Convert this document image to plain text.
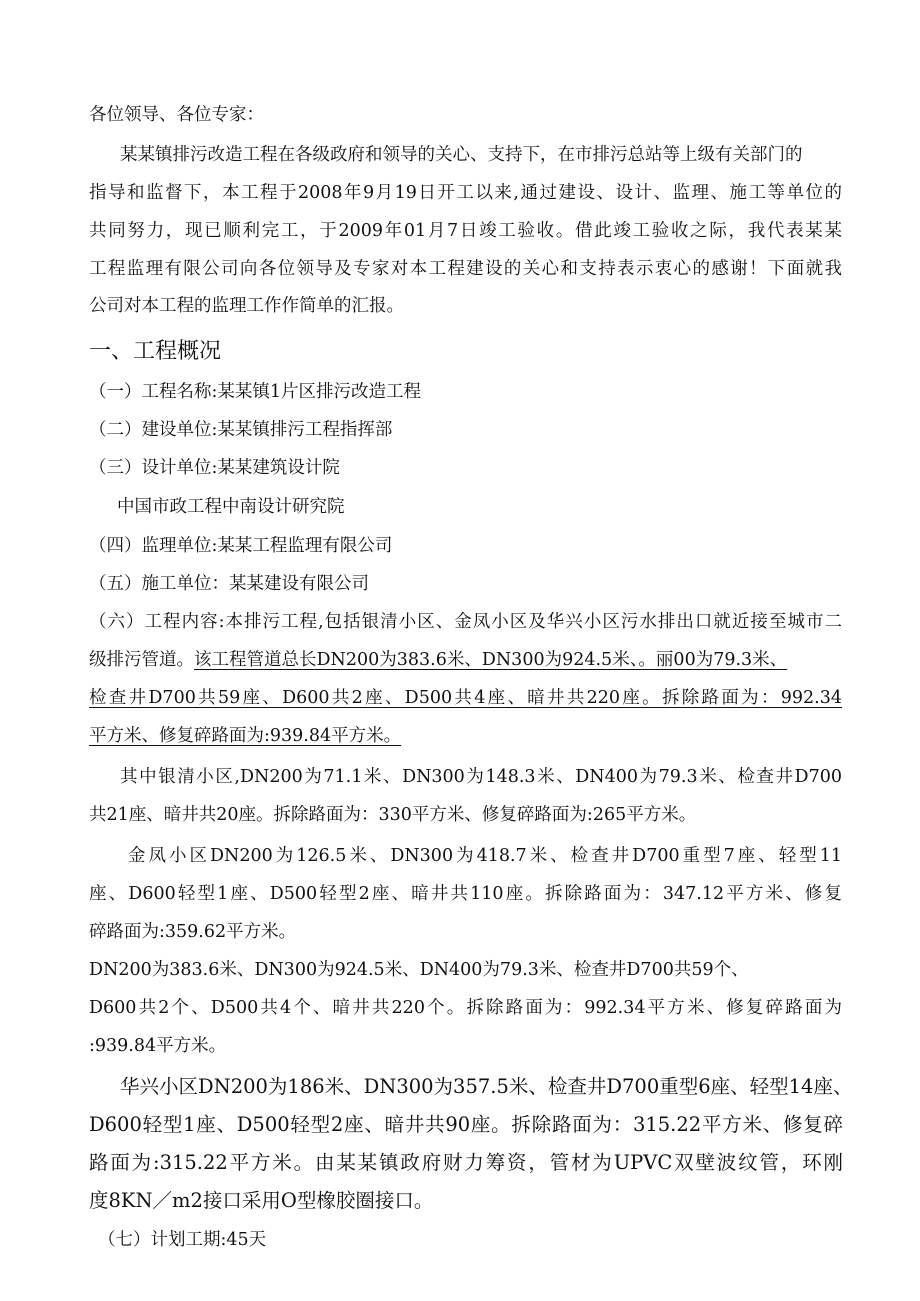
各位领导、各位专家：
某某镇排污改造工程在各级政府和领导的关心、支持下，在市排污总站等上级有关部门的
指导和监督下，本工程于2008年9月19日开工以来,通过建设、设计、监理、施工等单位的
共同努力，现已顺利完工，于2009年01月7日竣工验收。借此竣工验收之际，我代表某某
工程监理有限公司向各位领导及专家对本工程建设的关心和支持表示衷心的感谢！下面就我
公司对本工程的监理工作作简单的汇报。
一、工程概况
（一）工程名称:某某镇1片区排污改造工程
（二）建设单位:某某镇排污工程指挥部
（三）设计单位:某某建筑设计院
中国市政工程中南设计研究院
（四）监理单位:某某工程监理有限公司
（五）施工单位：某某建设有限公司
（六）工程内容:本排污工程,包括银清小区、金凤小区及华兴小区污水排出口就近接至城市二
级排污管道。该工程管道总长DN200为383.6米、DN300为924.5米、。丽00为79.3米、
检查井D700共59座、D600共2座、D500共4座、暗井共220座。拆除路面为：992.34
平方米、修复碎路面为:939.84平方米。
其中银清小区,DN200为71.1米、DN300为148.3米、DN400为79.3米、检查井D700
共21座、暗井共20座。拆除路面为：330平方米、修复碎路面为:265平方米。
金凤小区DN200为126.5米、DN300为418.7米、检查井D700重型7座、轻型11
座、D600轻型1座、D500轻型2座、暗井共110座。拆除路面为：347.12平方米、修复
碎路面为:359.62平方米。
DN200为383.6米、DN300为924.5米、DN400为79.3米、检查井D700共59个、
D600共2个、D500共4个、暗井共220个。拆除路面为：992.34平方米、修复碎路面为
:939.84平方米。
华兴小区DN200为186米、DN300为357.5米、检查井D700重型6座、轻型14座、
D600轻型1座、D500轻型2座、暗井共90座。拆除路面为：315.22平方米、修复碎
路面为:315.22平方米。由某某镇政府财力筹资，管材为UPVC双壁波纹管，环刚
度8KN／m2接口采用O型橡胶圈接口。
（七）计划工期:45天
